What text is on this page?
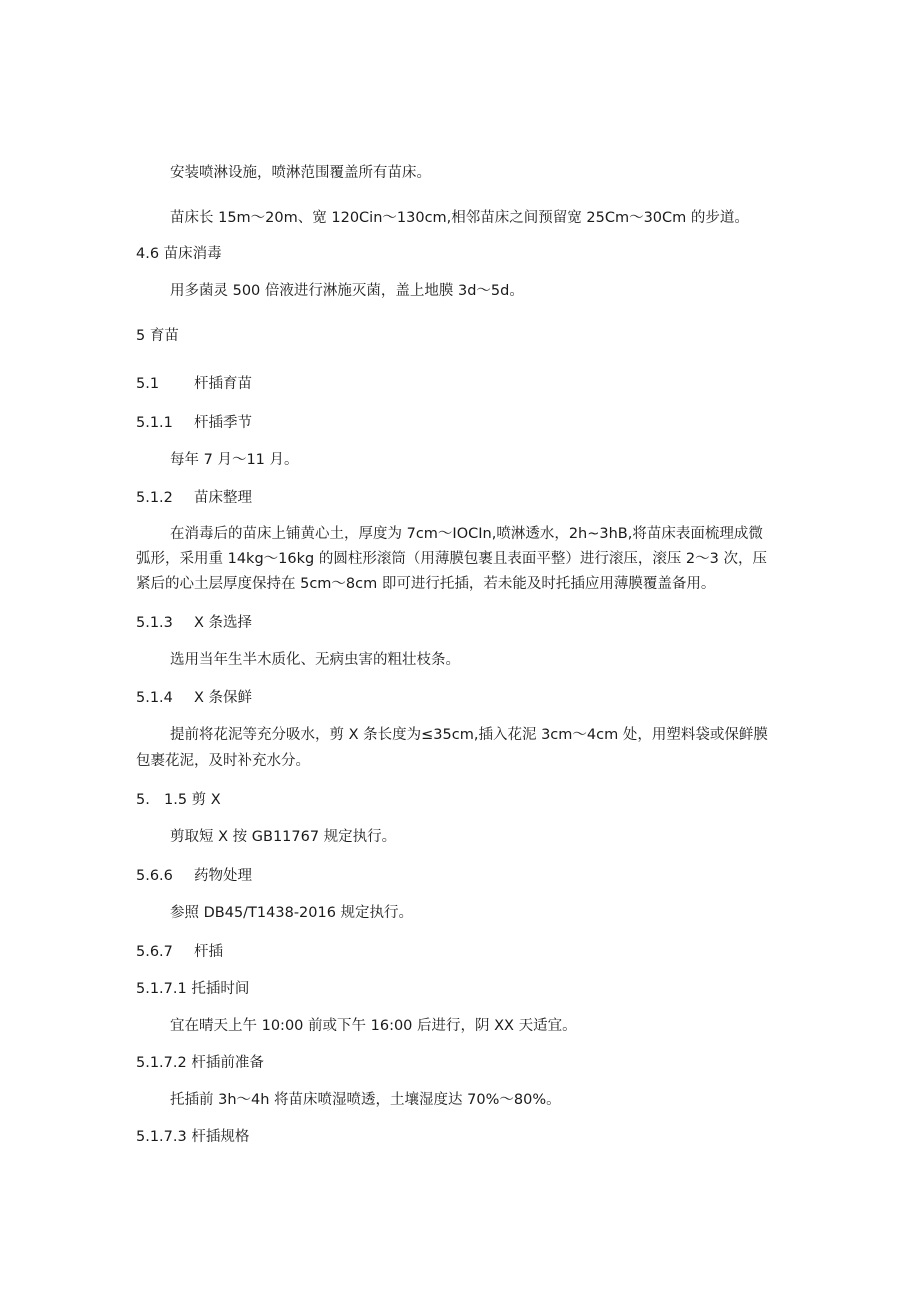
安装喷淋设施，喷淋范围覆盖所有苗床。
苗床长 15m～20m、宽 120Cin～130cm,相邻苗床之间预留宽 25Cm～30Cm 的步道。
4.6 苗床消毒
用多菌灵 500 倍液进行淋施灭菌，盖上地膜 3d～5d。
5 育苗
5.1 杆插育苗
5.1.1 杆插季节
每年 7 月～11 月。
5.1.2 苗床整理
在消毒后的苗床上铺黄心土，厚度为 7cm～IOCIn,喷淋透水，2h~3hB,将苗床表面梳理成微
弧形，采用重 14kg～16kg 的圆柱形滚筒（用薄膜包裹且表面平整）进行滚压，滚压 2～3 次，压
紧后的心土层厚度保持在 5cm～8cm 即可进行托插，若未能及时托插应用薄膜覆盖备用。
5.1.3 X 条选择
选用当年生半木质化、无病虫害的粗壮枝条。
5.1.4 X 条保鲜
提前将花泥等充分吸水，剪 X 条长度为≤35cm,插入花泥 3cm～4cm 处，用塑料袋或保鲜膜
包裹花泥，及时补充水分。
5. 1.5 剪 X
剪取短 X 按 GB11767 规定执行。
5.6.6 药物处理
参照 DB45/T1438-2016 规定执行。
5.6.7 杆插
5.1.7.1 托插时间
宜在晴天上午 10:00 前或下午 16:00 后进行，阴 XX 天适宜。
5.1.7.2 杆插前准备
托插前 3h～4h 将苗床喷湿喷透，土壤湿度达 70%～80%。
5.1.7.3 杆插规格
